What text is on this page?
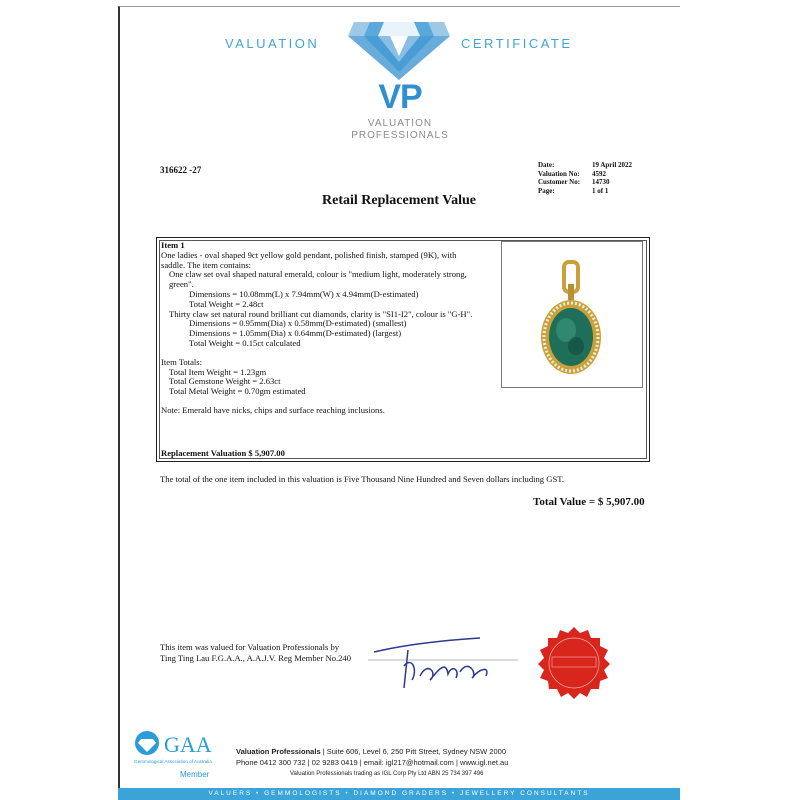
VALUATION
VP
VALUATION
PROFESSIONALS
CERTIFICATE
316622 -27	Date:	19 April 2022
Valuation No:	4592
Customer No:	14730
Page:	1 of 1
Retail Replacement Value
Item 1
One ladies - oval shaped 9ct yellow gold pendant, polished finish, stamped (9K), with
saddle. The item contains:
One claw set oval shaped natural emerald, colour is "medium light, moderately strong,
green".
Dimensions = 10.08mm(L) x 7.94mm(W) x 4.94mm(D-estimated)
Total Weight = 2.48ct
Thirty claw set natural round brilliant cut diamonds, clarity is "SI1-I2", colour is "G-H".
Dimensions = 0.95mm(Dia) x 0.58mm(D-estimated) (smallest)
Dimensions = 1.05mm(Dia) x 0.64mm(D-estimated) (largest)
Total Weight = 0.15ct calculated
Item Totals:
Total Item Weight = 1.23gm
Total Gemstone Weight = 2.63ct
Total Metal Weight = 0.70gm estimated
Note: Emerald have nicks, chips and surface reaching inclusions.
Replacement Valuation $ 5,907.00
The total of the one item included in this valuation is Five Thousand Nine Hundred and Seven dollars including GST.
Total Value = $ 5,907.00
This item was valued for Valuation Professionals by
Ting Ting Lau F.G.A.A., A.A.J.V. Reg Member No.240
GAA
Gemmological Association of Australia
Member
Valuation Professionals | Suite 606, Level 6, 250 Pitt Street, Sydney NSW 2000
Phone 0412 300 732 | 02 9283 0419 | email: igl217@hotmail.com | www.igl.net.au
Valuation Professionals trading as IGL Corp Pty Ltd ABN 25 734 397 496
VALUERS • GEMMOLOGISTS • DIAMOND GRADERS • JEWELLERY CONSULTANTS
